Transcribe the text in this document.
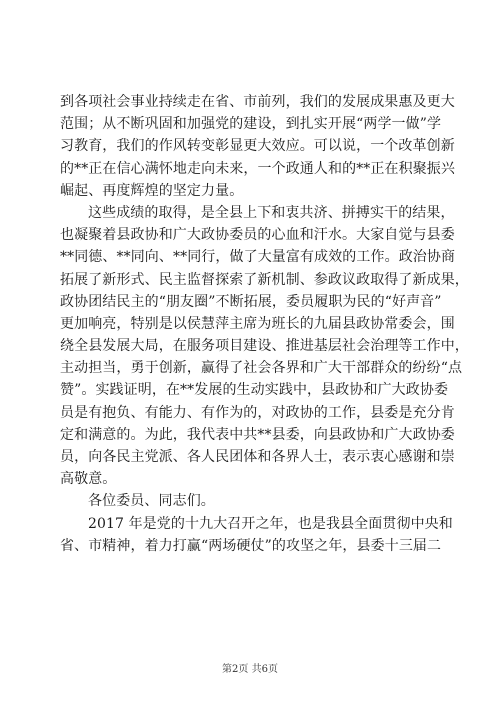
到各项社会事业持续走在省、市前列，我们的发展成果惠及更大
范围；从不断巩固和加强党的建设，到扎实开展“两学一做”学
习教育，我们的作风转变彰显更大效应。可以说，一个改革创新
的**正在信心满怀地走向未来，一个政通人和的**正在积聚振兴
崛起、再度辉煌的坚定力量。
这些成绩的取得，是全县上下和衷共济、拼搏实干的结果，
也凝聚着县政协和广大政协委员的心血和汗水。大家自觉与县委
**同德、**同向、**同行，做了大量富有成效的工作。政治协商
拓展了新形式、民主监督探索了新机制、参政议政取得了新成果，
政协团结民主的“朋友圈”不断拓展，委员履职为民的“好声音”
更加响亮，特别是以侯慧萍主席为班长的九届县政协常委会，围
绕全县发展大局，在服务项目建设、推进基层社会治理等工作中，
主动担当，勇于创新，赢得了社会各界和广大干部群众的纷纷“点
赞”。实践证明，在**发展的生动实践中，县政协和广大政协委
员是有抱负、有能力、有作为的，对政协的工作，县委是充分肯
定和满意的。为此，我代表中共**县委，向县政协和广大政协委
员，向各民主党派、各人民团体和各界人士，表示衷心感谢和崇
高敬意。
各位委员、同志们。
2017 年是党的十九大召开之年，也是我县全面贯彻中央和
省、市精神，着力打赢“两场硬仗”的攻坚之年，县委十三届二
第2页 共6页
